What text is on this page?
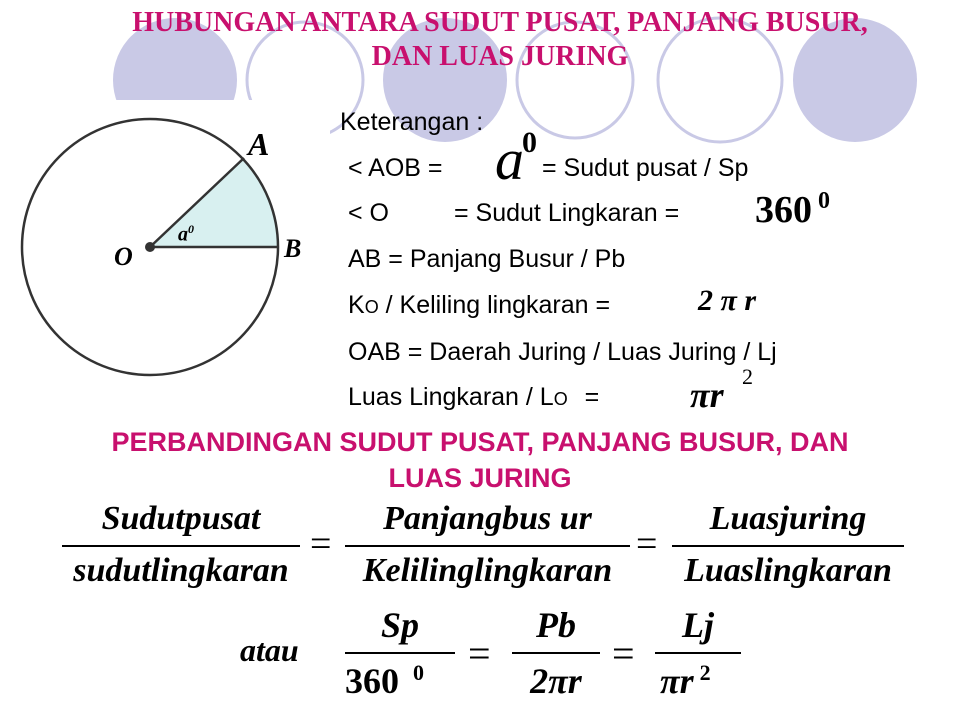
HUBUNGAN ANTARA SUDUT PUSAT, PANJANG BUSUR,
DAN LUAS JURING
A
B
O
$a^0$
Keterangan :
< AOB = a
0
= Sudut pusat / Sp
< O	= Sudut Lingkaran = 360 0
AB = Panjang Busur / Pb
KO / Keliling lingkaran =	2 π r
OAB = Daerah Juring / Luas Juring / Lj
Luas Lingkaran / LO =	πr 2
PERBANDINGAN SUDUT PUSAT, PANJANG BUSUR, DAN
LUAS JURING
Sudutpusat
sudutlingkaran
=
Panjangbus ur
Kelilinglingkaran
=
Luasjuring
Luaslingkaran
atau
Sp
360 $^0$	=
Pb
2πr
=
Lj
πr $^2$
